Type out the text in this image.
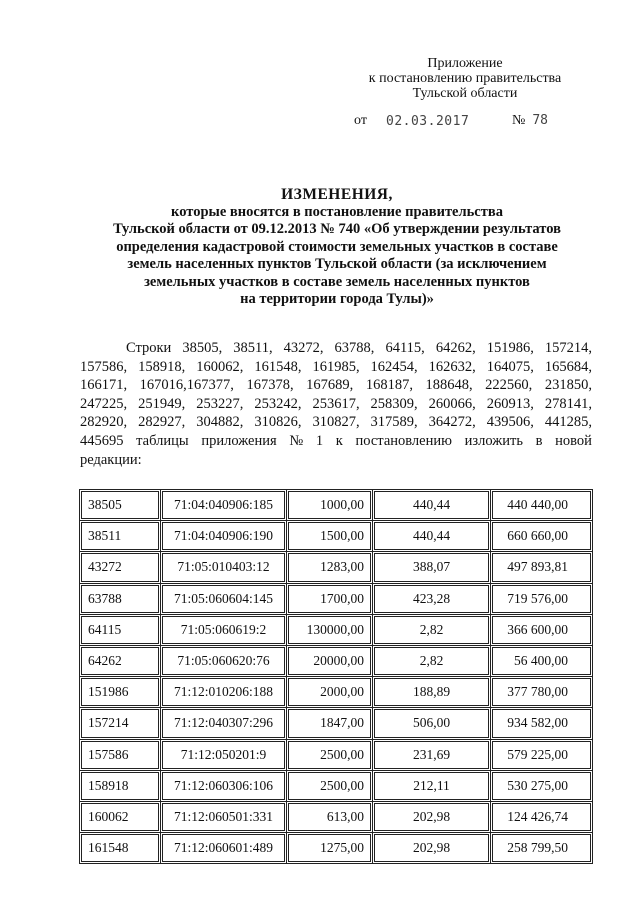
Приложение
к постановлению правительства
Тульской области
от 02.03.2017	№ 78
ИЗМЕНЕНИЯ,
которые вносятся в постановление правительства
Тульской области от 09.12.2013 № 740 «Об утверждении результатов
определения кадастровой стоимости земельных участков в составе
земель населенных пунктов Тульской области (за исключением
земельных участков в составе земель населенных пунктов
на территории города Тулы)»
Строки 38505, 38511, 43272, 63788, 64115, 64262, 151986, 157214,
157586, 158918, 160062, 161548, 161985, 162454, 162632, 164075, 165684,
166171, 167016,167377, 167378, 167689, 168187, 188648, 222560, 231850,
247225, 251949, 253227, 253242, 253617, 258309, 260066, 260913, 278141,
282920, 282927, 304882, 310826, 310827, 317589, 364272, 439506, 441285,
445695 таблицы приложения № 1 к постановлению изложить в новой
редакции:
38505	71:04:040906:185	1000,00	440,44	440 440,00
38511	71:04:040906:190	1500,00	440,44	660 660,00
43272	71:05:010403:12	1283,00	388,07	497 893,81
63788	71:05:060604:145	1700,00	423,28	719 576,00
64115	71:05:060619:2	130000,00	2,82	366 600,00
64262	71:05:060620:76	20000,00	2,82	56 400,00
151986	71:12:010206:188	2000,00	188,89	377 780,00
157214	71:12:040307:296	1847,00	506,00	934 582,00
157586	71:12:050201:9	2500,00	231,69	579 225,00
158918	71:12:060306:106	2500,00	212,11	530 275,00
160062	71:12:060501:331	613,00	202,98	124 426,74
161548	71:12:060601:489	1275,00	202,98	258 799,50
